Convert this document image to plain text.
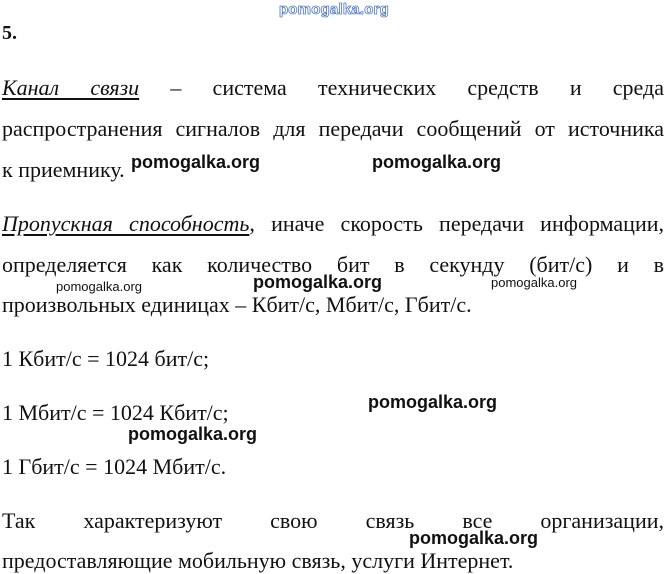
pomogalka.org
5.
Канал связи – система технических средств и среда
распространения сигналов для передачи сообщений от источника
к приемнику.
Пропускная способность, иначе скорость передачи информации,
определяется как количество бит в секунду (бит/с) и в
произвольных единицах – Кбит/с, Мбит/с, Гбит/с.
1 Кбит/с = 1024 бит/с;
1 Мбит/с = 1024 Кбит/с;
1 Гбит/с = 1024 Мбит/с.
Так характеризуют свою связь все организации,
предоставляющие мобильную связь, услуги Интернет.
pomogalka.org	pomogalka.org
pomogalka.org	pomogalka.org	pomogalka.org
pomogalka.org
pomogalka.org
pomogalka.org
